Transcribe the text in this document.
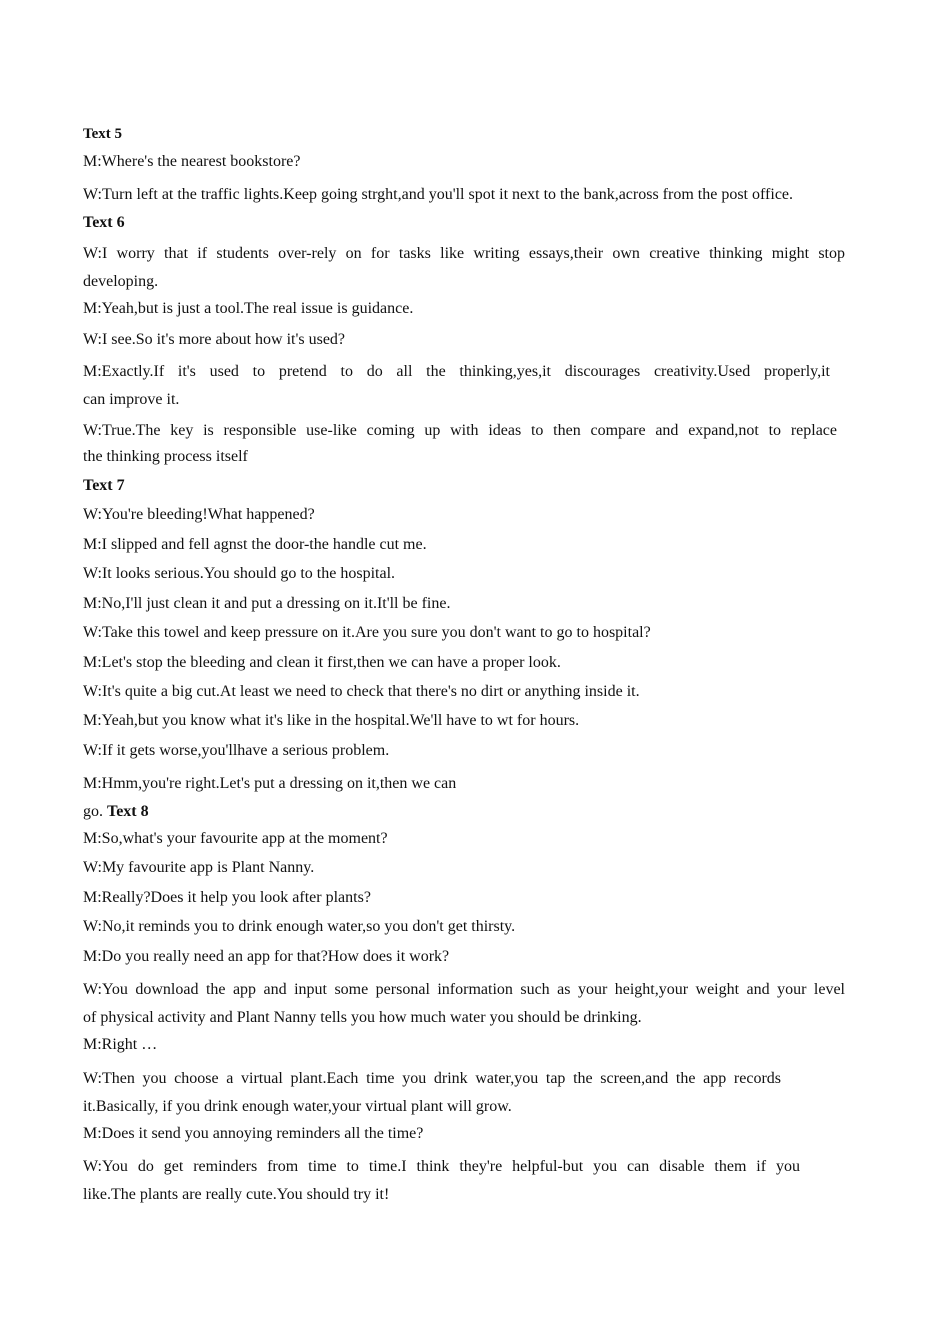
Text 5
M:Where's the nearest bookstore?
W:Turn left at the traffic lights.Keep going strght,and you'll spot it next to the bank,across from the post office.
Text 6
W:I worry that if students over-rely on for tasks like writing essays,their own creative thinking might stop
developing.
M:Yeah,but is just a tool.The real issue is guidance.
W:I see.So it's more about how it's used?
M:Exactly.If it's used to pretend to do all the thinking,yes,it discourages creativity.Used properly,it
can improve it.
W:True.The key is responsible use-like coming up with ideas to then compare and expand,not to replace
the thinking process itself
Text 7
W:You're bleeding!What happened?
M:I slipped and fell agnst the door-the handle cut me.
W:It looks serious.You should go to the hospital.
M:No,I'll just clean it and put a dressing on it.It'll be fine.
W:Take this towel and keep pressure on it.Are you sure you don't want to go to hospital?
M:Let's stop the bleeding and clean it first,then we can have a proper look.
W:It's quite a big cut.At least we need to check that there's no dirt or anything inside it.
M:Yeah,but you know what it's like in the hospital.We'll have to wt for hours.
W:If it gets worse,you'llhave a serious problem.
M:Hmm,you're right.Let's put a dressing on it,then we can
go. Text 8
M:So,what's your favourite app at the moment?
W:My favourite app is Plant Nanny.
M:Really?Does it help you look after plants?
W:No,it reminds you to drink enough water,so you don't get thirsty.
M:Do you really need an app for that?How does it work?
W:You download the app and input some personal information such as your height,your weight and your level
of physical activity and Plant Nanny tells you how much water you should be drinking.
M:Right …
W:Then you choose a virtual plant.Each time you drink water,you tap the screen,and the app records
it.Basically, if you drink enough water,your virtual plant will grow.
M:Does it send you annoying reminders all the time?
W:You do get reminders from time to time.I think they're helpful-but you can disable them if you
like.The plants are really cute.You should try it!
